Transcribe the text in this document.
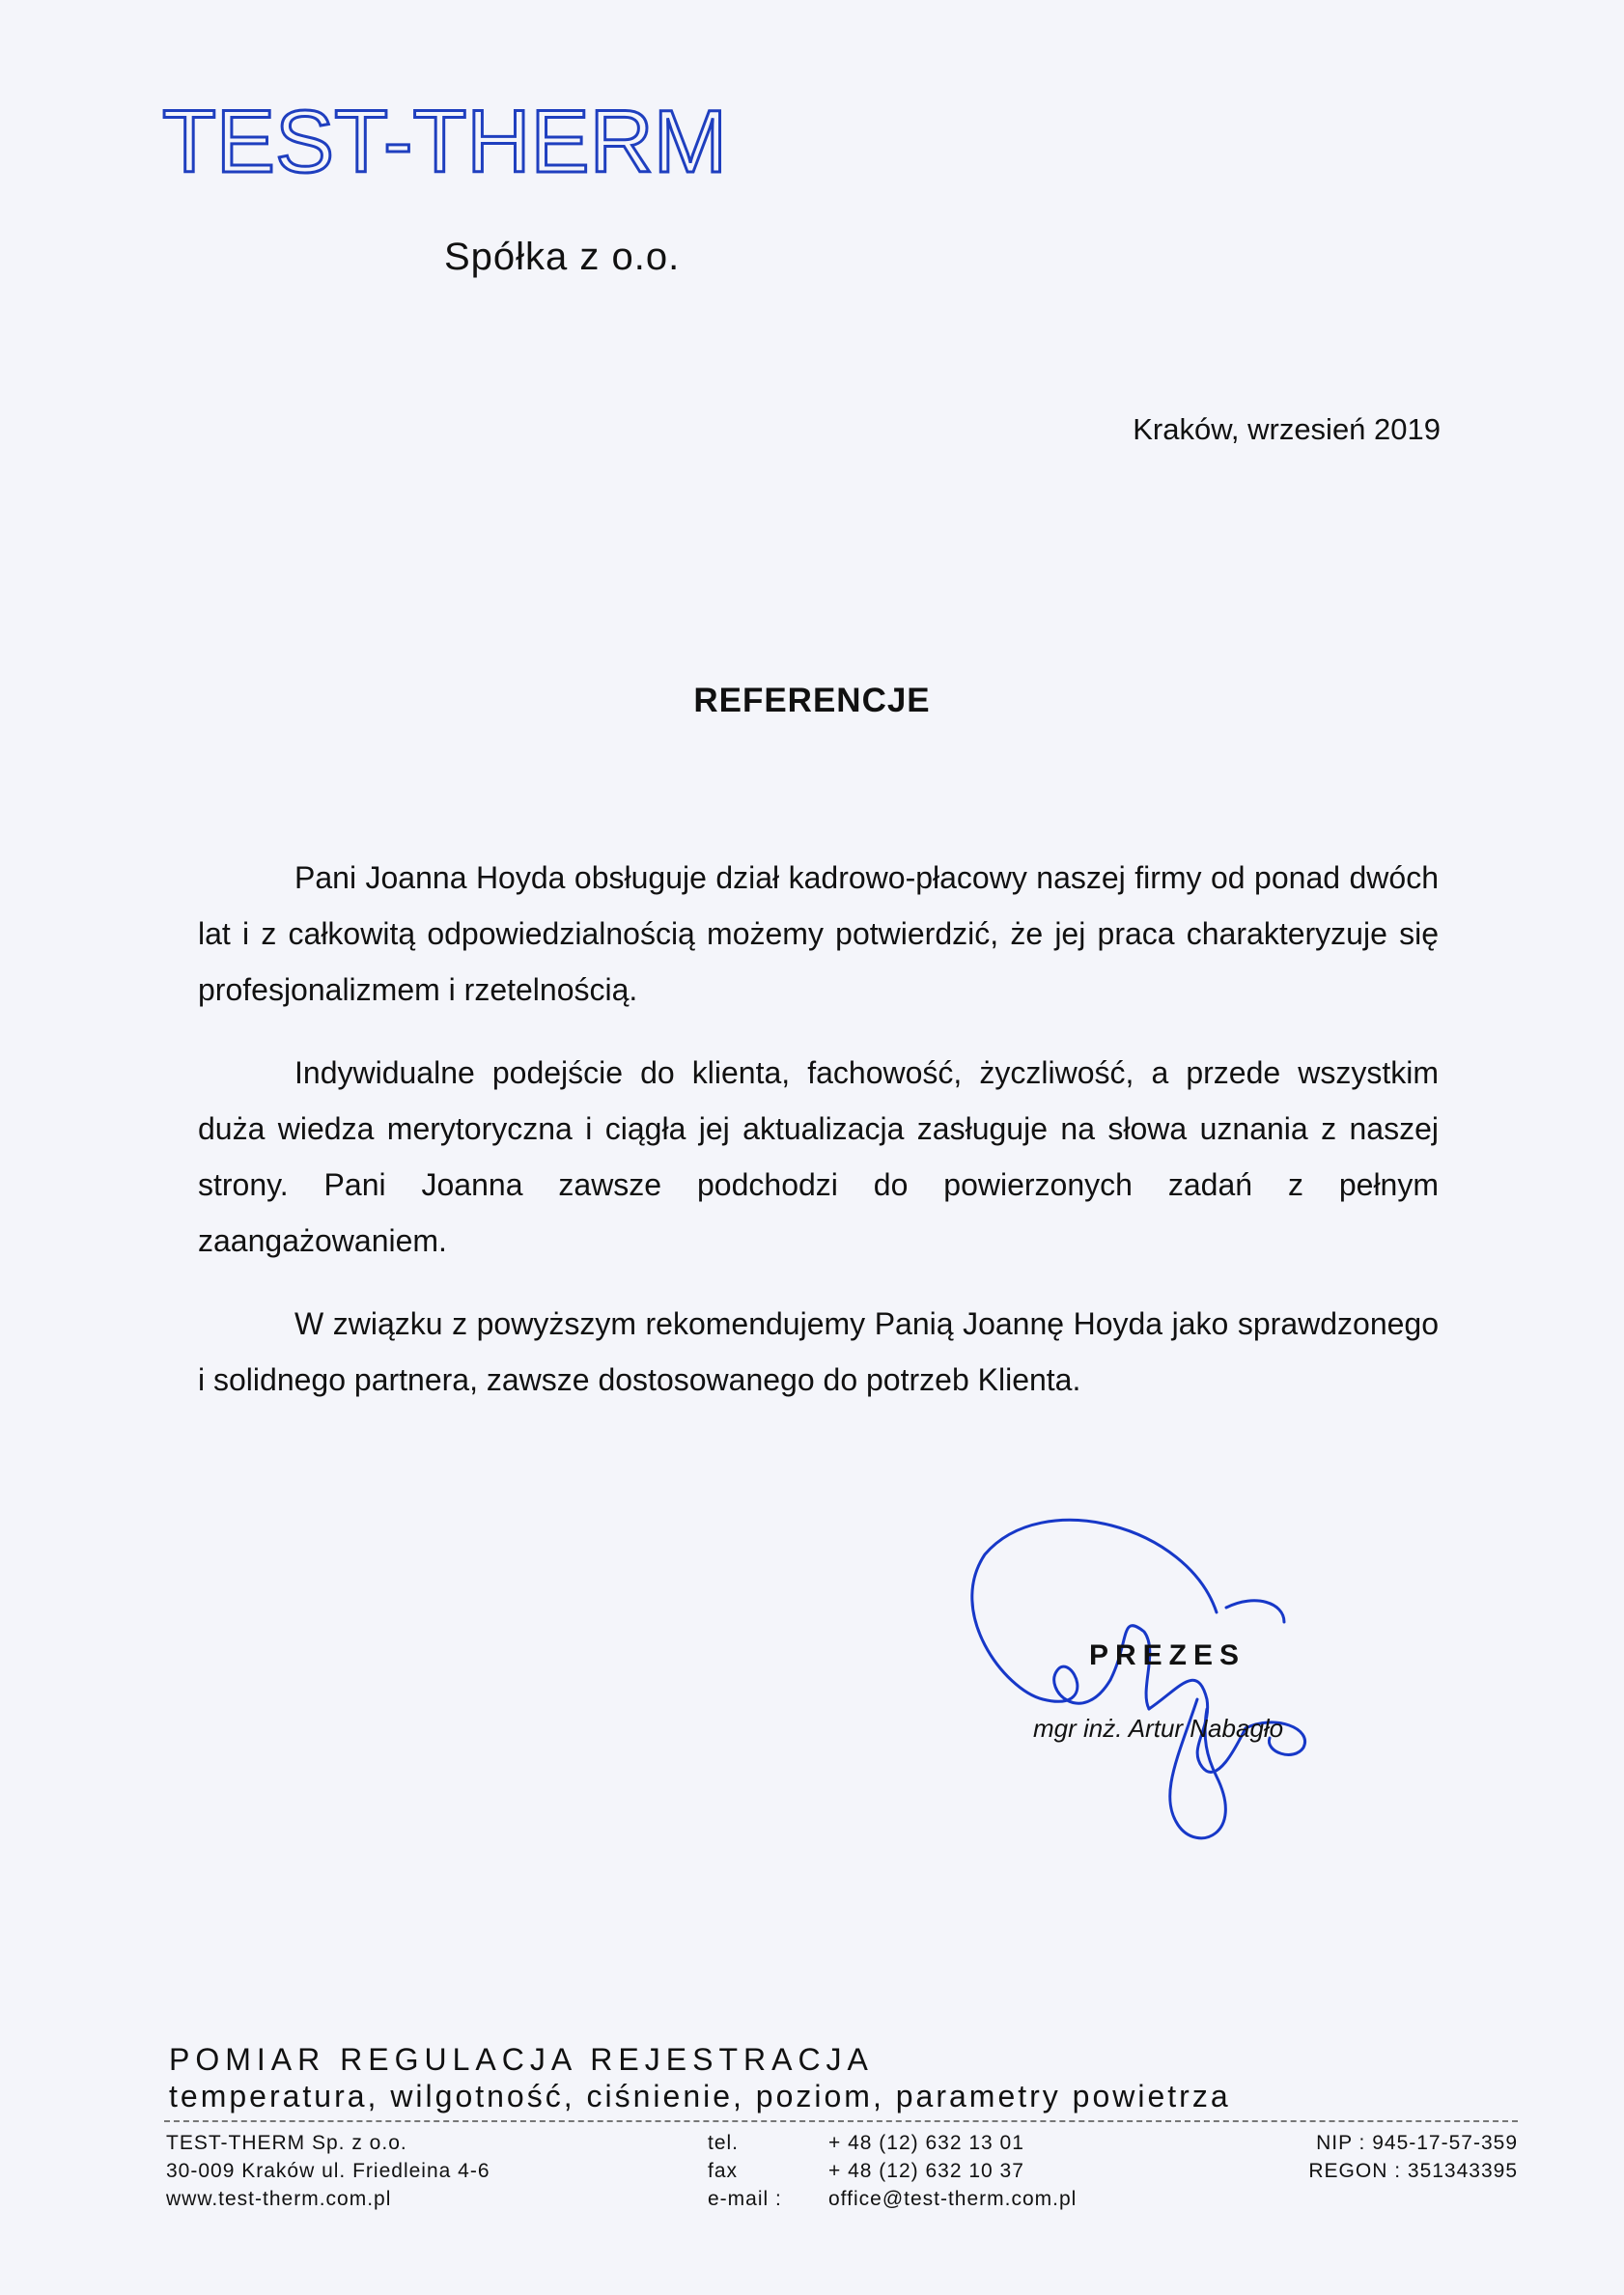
TEST-THERM
Spółka z o.o.
Kraków, wrzesień 2019
REFERENCJE

Pani Joanna Hoyda obsługuje dział kadrowo-płacowy naszej firmy od ponad dwóch lat i z całkowitą odpowiedzialnością możemy potwierdzić, że jej praca charakteryzuje się profesjonalizmem i rzetelnością.

Indywidualne podejście do klienta, fachowość, życzliwość, a przede wszystkim duża wiedza merytoryczna i ciągła jej aktualizacja zasługuje na słowa uznania z naszej strony. Pani Joanna zawsze podchodzi do powierzonych zadań z pełnym zaangażowaniem.

W związku z powyższym rekomendujemy Panią Joannę Hoyda jako sprawdzonego i solidnego partnera, zawsze dostosowanego do potrzeb Klienta.

PREZES
mgr inż. Artur Nabagło
POMIAR REGULACJA REJESTRACJA
temperatura, wilgotność, ciśnienie, poziom, parametry powietrza
TEST-THERM Sp. z o.o.
30-009 Kraków ul. Friedleina 4-6
www.test-therm.com.pl
tel.
fax
e-mail :
+ 48 (12) 632 13 01
+ 48 (12) 632 10 37
office@test-therm.com.pl
NIP : 945-17-57-359
REGON : 351343395
